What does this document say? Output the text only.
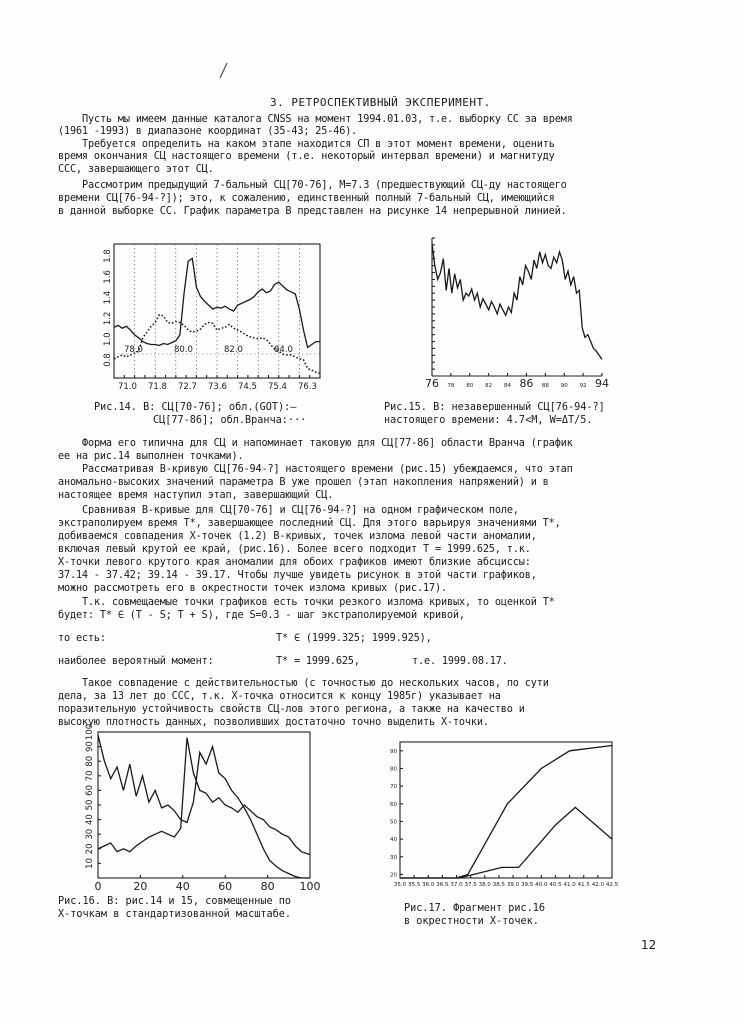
3. РЕТРОСПЕКТИВНЫЙ ЭКСПЕРИМЕНТ.
Пусть мы имеем данные каталога CNSS на момент 1994.01.03, т.е. выборку СС за время
(1961 -1993) в диапазоне координат (35-43; 25-46).
Требуется определить на каком этапе находится СП в этот момент времени, оценить
время окончания СЦ настоящего времени (т.е. некоторый интервал времени) и магнитуду
ССС, завершающего этот СЦ.
Рассмотрим предыдущий 7-бальный СЦ[70-76], M=7.3 (предшествующий СЦ-ду настоящего
времени СЦ[76-94-?]); это, к сожалению, единственный полный 7-бальный СЦ, имеющийся
в данной выборке СС. График параметра В представлен на рисунке 14 непрерывной линией.
1.8
1.6
1.4
1.2
1.0
0.8
78.0	80.0	82.0	84.0
71.0 71.8 72.7 73.6 74.5 75.4 76.3
Рис.14. В: СЦ[70-76]; обл.(GОТ):—
СЦ[77-86]; обл.Вранча:···
76 78 80 82 84 86 88 90 92 94
Рис.15. В: незавершенный СЦ[76-94-?]
настоящего времени: 4.7<М, W=ΔТ/5.
Форма его типична для СЦ и напоминает таковую для СЦ[77-86] области Вранча (график
ее на рис.14 выполнен точками).
Рассматривая В-кривую СЦ[76-94-?] настоящего времени (рис.15) убеждаемся, что этап
аномально-высоких значений параметра В уже прошел (этап накопления напряжений) и в
настоящее время наступил этап, завершающий СЦ.
Сравнивая В-кривые для СЦ[70-76] и СЦ[76-94-?] на одном графическом поле,
экстраполируем время T*, завершающее последний СЦ. Для этого варьируя значениями T*,
добиваемся совпадения Х-точек (1.2) В-кривых, точек излома левой части аномалии,
включая левый крутой ее край, (рис.16). Более всего подходит T = 1999.625, т.к.
Х-точки левого крутого края аномалии для обоих графиков имеют близкие абсциссы:
37.14 - 37.42; 39.14 - 39.17. Чтобы лучше увидеть рисунок в этой части графиков,
можно рассмотреть его в окрестности точек излома кривых (рис.17).
Т.к. совмещаемые точки графиков есть точки резкого излома кривых, то оценкой T*
будет: T* ∈ (T - S; T + S), где S=0.3 - шаг экстраполируемой кривой,
то есть:	T* ∈ (1999.325; 1999.925),
наиболее вероятный момент:	T* = 1999.625,	т.е. 1999.08.17.
Такое совпадение с действительностью (с точностью до нескольких часов, по сути
дела, за 13 лет до ССС, т.к. Х-точка относится к концу 1985г) указывает на
поразительную устойчивость свойств СЦ-лов этого региона, а также на качество и
высокую плотность данных, позволивших достаточно точно выделить Х-точки.
100
90
80
70
60
50
40
30
20
10
0	20	40	60	80 100
Рис.16. В: рис.14 и 15, совмещенные по
Х-точкам в стандартизованной масштабе.
90
80
70
60
50
40
30
20
35.0 35.5 36.0 36.5 37.0 37.5 38.0 38.5 39.0 39.5 40.0 40.5 41.0 41.5 42.0 42.5
Рис.17. Фрагмент рис.16
в окрестности Х-точек.
12
